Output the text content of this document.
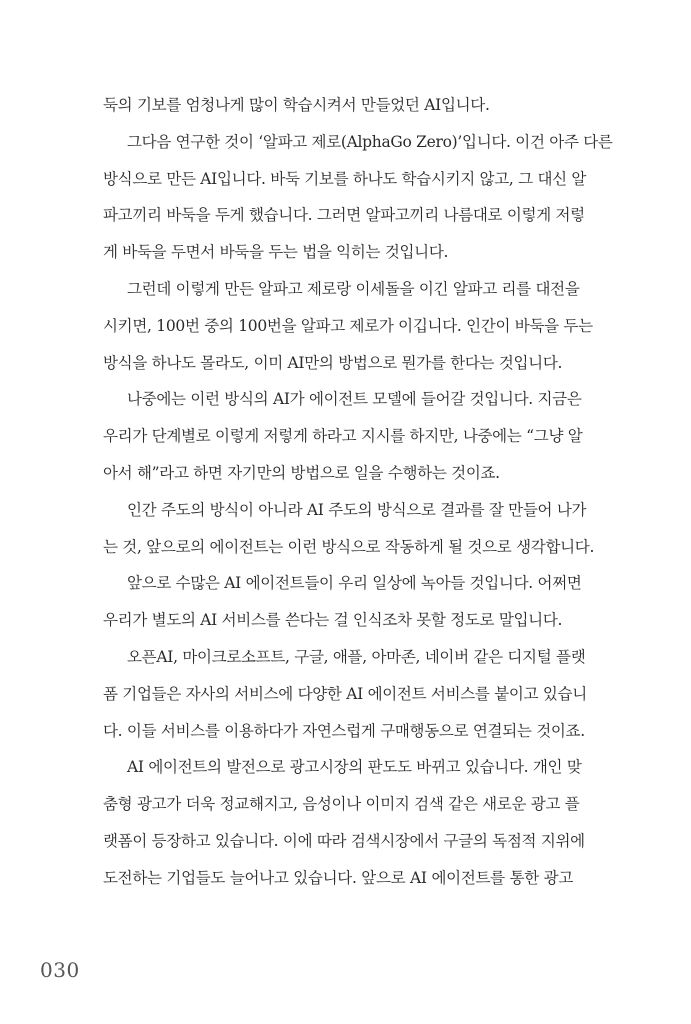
둑의 기보를 엄청나게 많이 학습시켜서 만들었던 AI입니다.
그다음 연구한 것이 ‘알파고 제로(AlphaGo Zero)’입니다. 이건 아주 다른
방식으로 만든 AI입니다. 바둑 기보를 하나도 학습시키지 않고, 그 대신 알
파고끼리 바둑을 두게 했습니다. 그러면 알파고끼리 나름대로 이렇게 저렇
게 바둑을 두면서 바둑을 두는 법을 익히는 것입니다.
그런데 이렇게 만든 알파고 제로랑 이세돌을 이긴 알파고 리를 대전을
시키면, 100번 중의 100번을 알파고 제로가 이깁니다. 인간이 바둑을 두는
방식을 하나도 몰라도, 이미 AI만의 방법으로 뭔가를 한다는 것입니다.
나중에는 이런 방식의 AI가 에이전트 모델에 들어갈 것입니다. 지금은
우리가 단계별로 이렇게 저렇게 하라고 지시를 하지만, 나중에는 “그냥 알
아서 해”라고 하면 자기만의 방법으로 일을 수행하는 것이죠.
인간 주도의 방식이 아니라 AI 주도의 방식으로 결과를 잘 만들어 나가
는 것, 앞으로의 에이전트는 이런 방식으로 작동하게 될 것으로 생각합니다.
앞으로 수많은 AI 에이전트들이 우리 일상에 녹아들 것입니다. 어쩌면
우리가 별도의 AI 서비스를 쓴다는 걸 인식조차 못할 정도로 말입니다.
오픈AI, 마이크로소프트, 구글, 애플, 아마존, 네이버 같은 디지털 플랫
폼 기업들은 자사의 서비스에 다양한 AI 에이전트 서비스를 붙이고 있습니
다. 이들 서비스를 이용하다가 자연스럽게 구매행동으로 연결되는 것이죠.
AI 에이전트의 발전으로 광고시장의 판도도 바뀌고 있습니다. 개인 맞
춤형 광고가 더욱 정교해지고, 음성이나 이미지 검색 같은 새로운 광고 플
랫폼이 등장하고 있습니다. 이에 따라 검색시장에서 구글의 독점적 지위에
도전하는 기업들도 늘어나고 있습니다. 앞으로 AI 에이전트를 통한 광고
030
